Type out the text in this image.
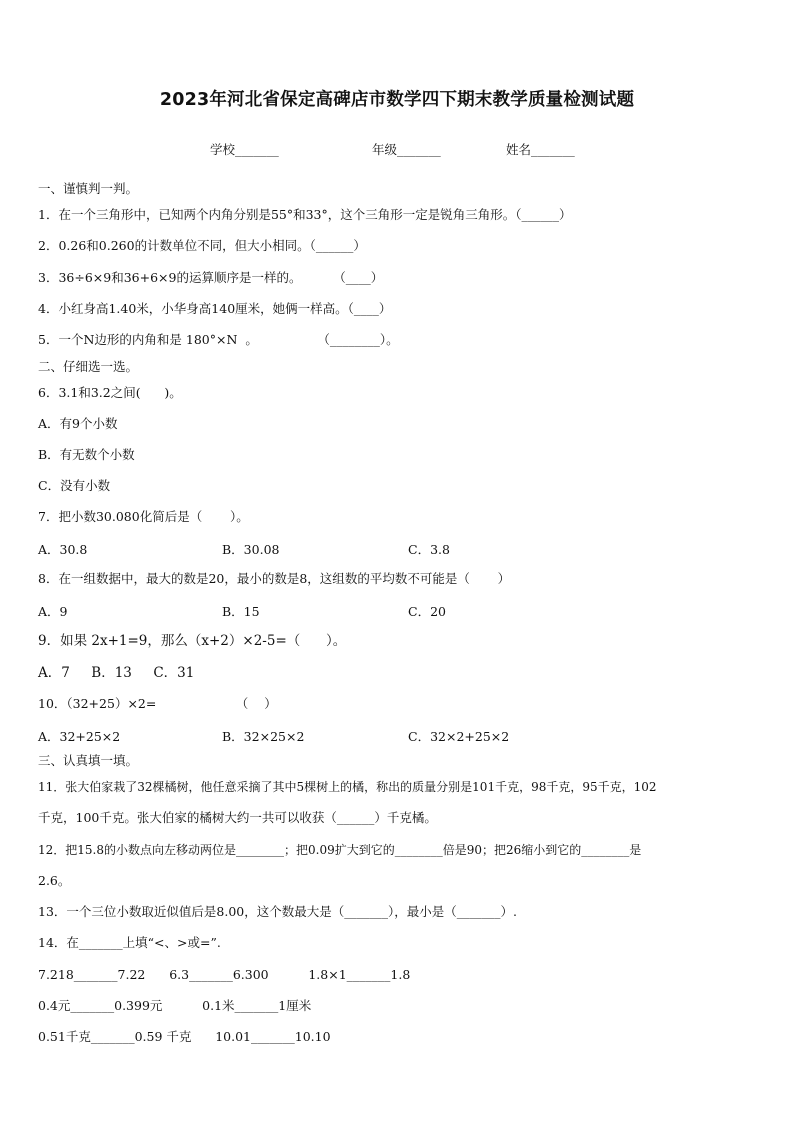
2023年河北省保定高碑店市数学四下期末教学质量检测试题
学校_______	年级_______	姓名_______

一、谨慎判一判。

1．在一个三角形中，已知两个内角分别是55°和33°，这个三角形一定是锐角三角形。（______）

2．0.26和0.260的计数单位不同，但大小相同。（______）

3．36÷6×9和36+6×9的运算顺序是一样的。        （____）

4．小红身高1.40米，小华身高140厘米，她俩一样高。（____）

5．一个N边形的内角和是 180°×N  。               （________）。

二、仔细选一选。

6．3.1和3.2之间(      )。

A．有9个小数

B．有无数个小数

C．没有小数

7．把小数30.080化简后是（       ）。

A．30.8	B．30.08	C．3.8

8．在一组数据中，最大的数是20，最小的数是8，这组数的平均数不可能是（       ）

A．9	B．15	C．20

9．如果 2x+1=9，那么（x+2）×2-5=（      ）。

A．7     B．13     C．31

10．（32+25）×2=                    （    ）

A．32+25×2	B．32×25×2	C．32×2+25×2

三、认真填一填。

11．张大伯家栽了32棵橘树，他任意采摘了其中5棵树上的橘，称出的质量分别是101千克，98千克，95千克，102

千克，100千克。张大伯家的橘树大约一共可以收获（______）千克橘。

12．把15.8的小数点向左移动两位是________；把0.09扩大到它的________倍是90；把26缩小到它的________是

2.6。

13．一个三位小数取近似值后是8.00，这个数最大是（_______），最小是（_______）.

14．在_______上填“<、>或=”.

7.218_______7.22      6.3_______6.300          1.8×1_______1.8

0.4元_______0.399元          0.1米_______1厘米

0.51千克_______0.59 千克      10.01_______10.10
